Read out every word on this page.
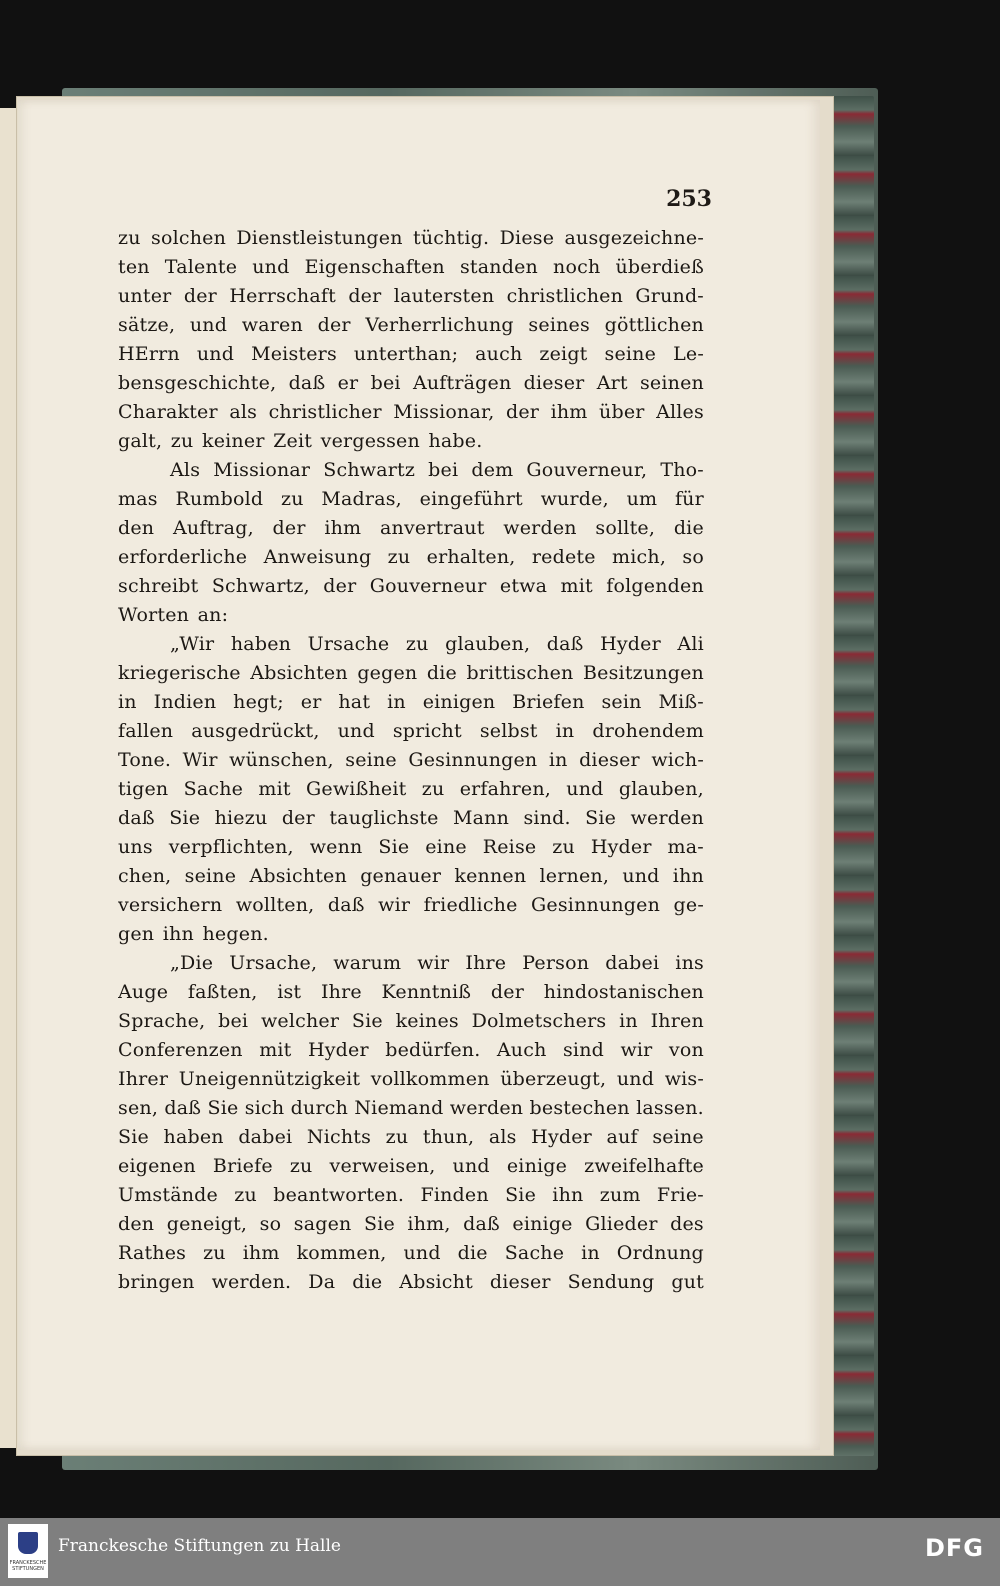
253
zu solchen Dienstleistungen tüchtig. Diese ausgezeichne-
ten Talente und Eigenschaften standen noch überdieß
unter der Herrschaft der lautersten christlichen Grund-
sätze, und waren der Verherrlichung seines göttlichen
HErrn und Meisters unterthan; auch zeigt seine Le-
bensgeschichte, daß er bei Aufträgen dieser Art seinen
Charakter als christlicher Missionar, der ihm über Alles
galt, zu keiner Zeit vergessen habe.
Als Missionar Schwartz bei dem Gouverneur, Tho-
mas Rumbold zu Madras, eingeführt wurde, um für
den Auftrag, der ihm anvertraut werden sollte, die
erforderliche Anweisung zu erhalten, redete mich, so
schreibt Schwartz, der Gouverneur etwa mit folgenden
Worten an:
„Wir haben Ursache zu glauben, daß Hyder Ali
kriegerische Absichten gegen die brittischen Besitzungen
in Indien hegt; er hat in einigen Briefen sein Miß-
fallen ausgedrückt, und spricht selbst in drohendem
Tone. Wir wünschen, seine Gesinnungen in dieser wich-
tigen Sache mit Gewißheit zu erfahren, und glauben,
daß Sie hiezu der tauglichste Mann sind. Sie werden
uns verpflichten, wenn Sie eine Reise zu Hyder ma-
chen, seine Absichten genauer kennen lernen, und ihn
versichern wollten, daß wir friedliche Gesinnungen ge-
gen ihn hegen.
„Die Ursache, warum wir Ihre Person dabei ins
Auge faßten, ist Ihre Kenntniß der hindostanischen
Sprache, bei welcher Sie keines Dolmetschers in Ihren
Conferenzen mit Hyder bedürfen. Auch sind wir von
Ihrer Uneigennützigkeit vollkommen überzeugt, und wis-
sen, daß Sie sich durch Niemand werden bestechen lassen.
Sie haben dabei Nichts zu thun, als Hyder auf seine
eigenen Briefe zu verweisen, und einige zweifelhafte
Umstände zu beantworten. Finden Sie ihn zum Frie-
den geneigt, so sagen Sie ihm, daß einige Glieder des
Rathes zu ihm kommen, und die Sache in Ordnung
bringen werden. Da die Absicht dieser Sendung gut
FRANCKESCHE STIFTUNGEN
Franckesche Stiftungen zu Halle	DFG
